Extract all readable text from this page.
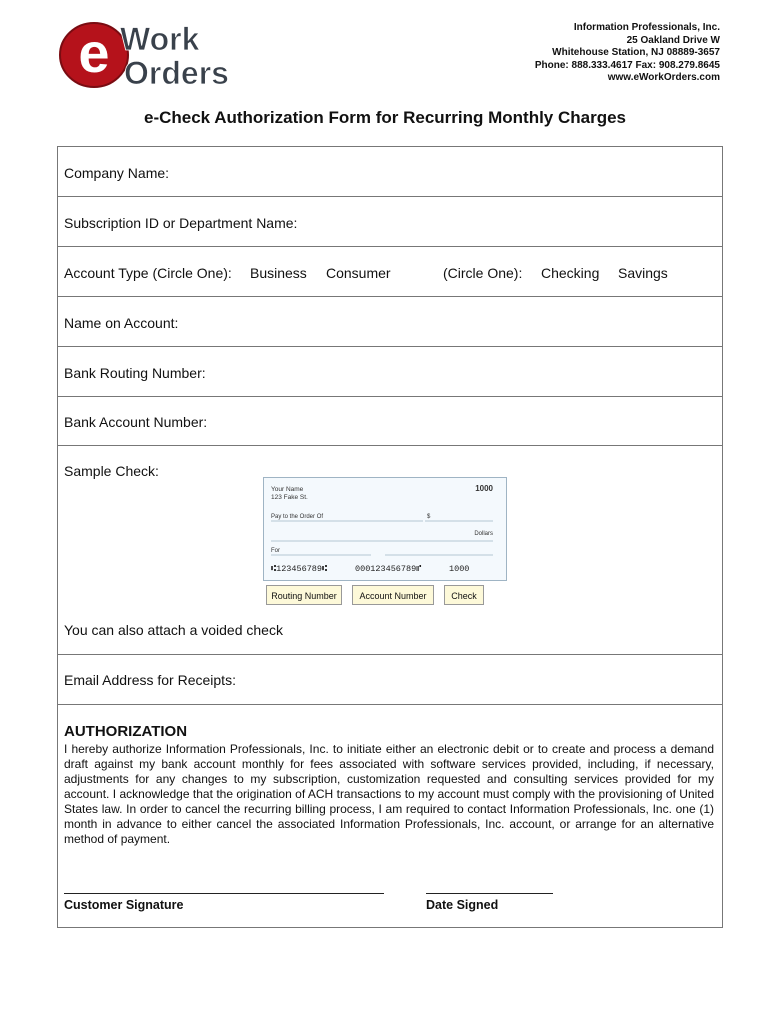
e Work
Orders
Information Professionals, Inc.
25 Oakland Drive W
Whitehouse Station, NJ 08889-3657
Phone: 888.333.4617 Fax: 908.279.8645
www.eWorkOrders.com
e-Check Authorization Form for Recurring Monthly Charges
Company Name:
Subscription ID or Department Name:
Account Type (Circle One): Business Consumer	(Circle One): Checking Savings
Name on Account:
Bank Routing Number:
Bank Account Number:
Sample Check:
Your Name
123 Fake St.
1000
Pay to the Order Of	$
Dollars
For
⑆123456789⑆	000123456789⑈	1000
Routing Number	Account Number	Check
You can also attach a voided check
Email Address for Receipts:
AUTHORIZATION
I hereby authorize Information Professionals, Inc. to initiate either an electronic debit or to create and process a demand draft against my bank account monthly for fees associated with software services provided, including, if necessary, adjustments for any changes to my subscription, customization requested and consulting services provided for my account. I acknowledge that the origination of ACH transactions to my account must comply with the provisioning of United States law. In order to cancel the recurring billing process, I am required to contact Information Professionals, Inc. one (1) month in advance to either cancel the associated Information Professionals, Inc. account, or arrange for an alternative method of payment.
Customer Signature	Date Signed
